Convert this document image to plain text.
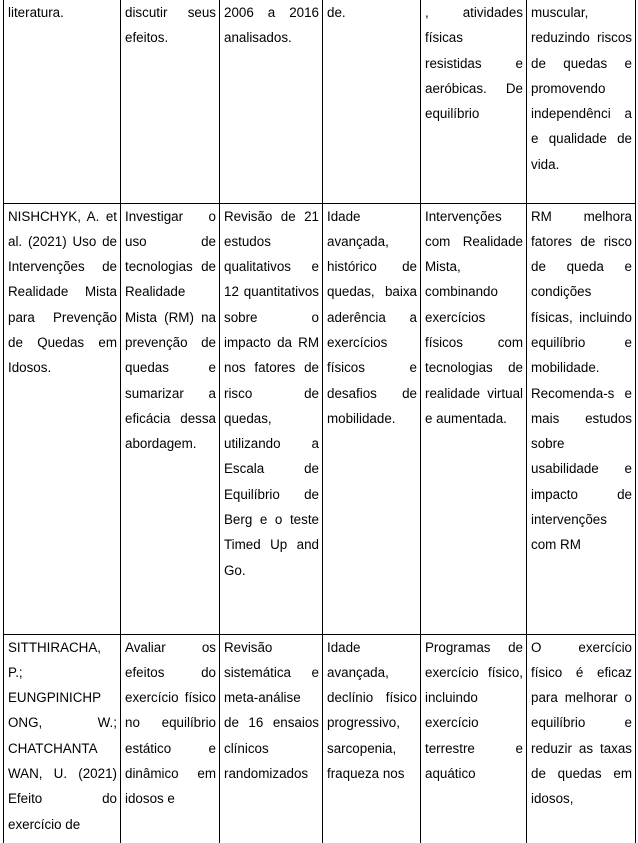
literatura.	discutir seus efeitos.	2006 a 2016 analisados.	de.	, atividades físicas resistidas e aeróbicas. De equilíbrio	muscular, reduzindo riscos de quedas e promovendo independênci a e qualidade de vida.
NISHCHYK, A. et al. (2021) Uso de Intervenções de Realidade Mista para Prevenção de Quedas em Idosos.	Investigar o uso de tecnologias de Realidade Mista (RM) na prevenção de quedas e sumarizar a eficácia dessa abordagem.	Revisão de 21 estudos qualitativos e 12 quantitativos sobre o impacto da RM nos fatores de risco de quedas, utilizando a Escala de Equilíbrio de Berg e o teste Timed Up and Go.	Idade avançada, histórico de quedas, baixa aderência a exercícios físicos e desafios de mobilidade.	Intervenções com Realidade Mista, combinando exercícios físicos com tecnologias de realidade virtual e aumentada.	RM melhora fatores de risco de queda e condições físicas, incluindo equilíbrio e mobilidade. Recomenda-s e mais estudos sobre usabilidade e impacto de intervenções com RM
SITTHIRACHA, P.; EUNGPINICHP ONG, W.; CHATCHANTA WAN, U. (2021) Efeito do exercício de	Avaliar os efeitos do exercício físico no equilíbrio estático e dinâmico em idosos e	Revisão sistemática e meta-análise de 16 ensaios clínicos randomizados	Idade avançada, declínio físico progressivo, sarcopenia, fraqueza nos	Programas de exercício físico, incluindo exercício terrestre e aquático	O exercício físico é eficaz para melhorar o equilíbrio e reduzir as taxas de quedas em idosos,
